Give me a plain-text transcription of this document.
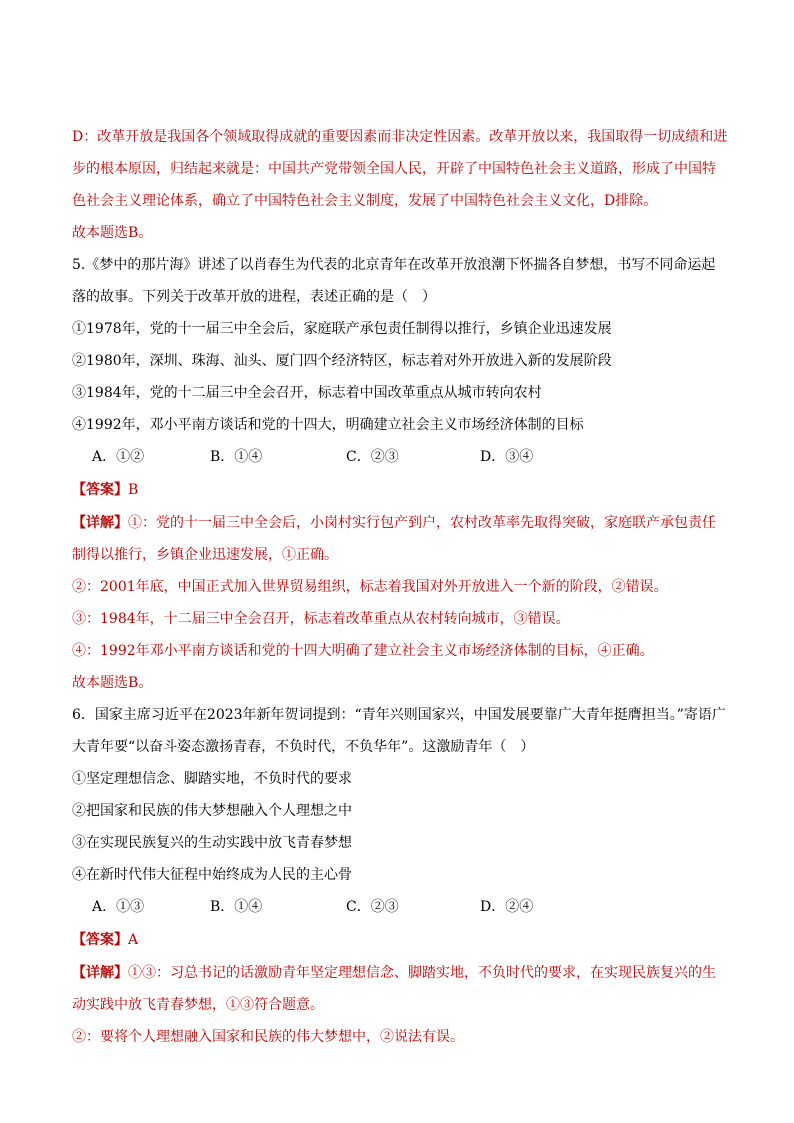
D：改革开放是我国各个领域取得成就的重要因素而非决定性因素。改革开放以来，我国取得一切成绩和进
步的根本原因，归结起来就是：中国共产党带领全国人民，开辟了中国特色社会主义道路，形成了中国特
色社会主义理论体系，确立了中国特色社会主义制度，发展了中国特色社会主义文化，D排除。
故本题选B。
5.《梦中的那片海》讲述了以肖春生为代表的北京青年在改革开放浪潮下怀揣各自梦想，书写不同命运起
落的故事。下列关于改革开放的进程，表述正确的是（　）
①1978年，党的十一届三中全会后，家庭联产承包责任制得以推行，乡镇企业迅速发展
②1980年，深圳、珠海、汕头、厦门四个经济特区，标志着对外开放进入新的发展阶段
③1984年，党的十二届三中全会召开，标志着中国改革重点从城市转向农村
④1992年，邓小平南方谈话和党的十四大，明确建立社会主义市场经济体制的目标
A．①②	B．①④	C．②③	D．③④
【答案】B
【详解】①：党的十一届三中全会后，小岗村实行包产到户，农村改革率先取得突破，家庭联产承包责任
制得以推行，乡镇企业迅速发展，①正确。
②：2001年底，中国正式加入世界贸易组织，标志着我国对外开放进入一个新的阶段，②错误。
③：1984年，十二届三中全会召开，标志着改革重点从农村转向城市，③错误。
④：1992年邓小平南方谈话和党的十四大明确了建立社会主义市场经济体制的目标，④正确。
故本题选B。
6．国家主席习近平在2023年新年贺词提到：“青年兴则国家兴，中国发展要靠广大青年挺膺担当。”寄语广
大青年要“以奋斗姿态激扬青春，不负时代，不负华年”。这激励青年（　）
①坚定理想信念、脚踏实地，不负时代的要求
②把国家和民族的伟大梦想融入个人理想之中
③在实现民族复兴的生动实践中放飞青春梦想
④在新时代伟大征程中始终成为人民的主心骨
A．①③	B．①④	C．②③	D．②④
【答案】A
【详解】①③：习总书记的话激励青年坚定理想信念、脚踏实地，不负时代的要求，在实现民族复兴的生
动实践中放飞青春梦想，①③符合题意。
②：要将个人理想融入国家和民族的伟大梦想中，②说法有误。
